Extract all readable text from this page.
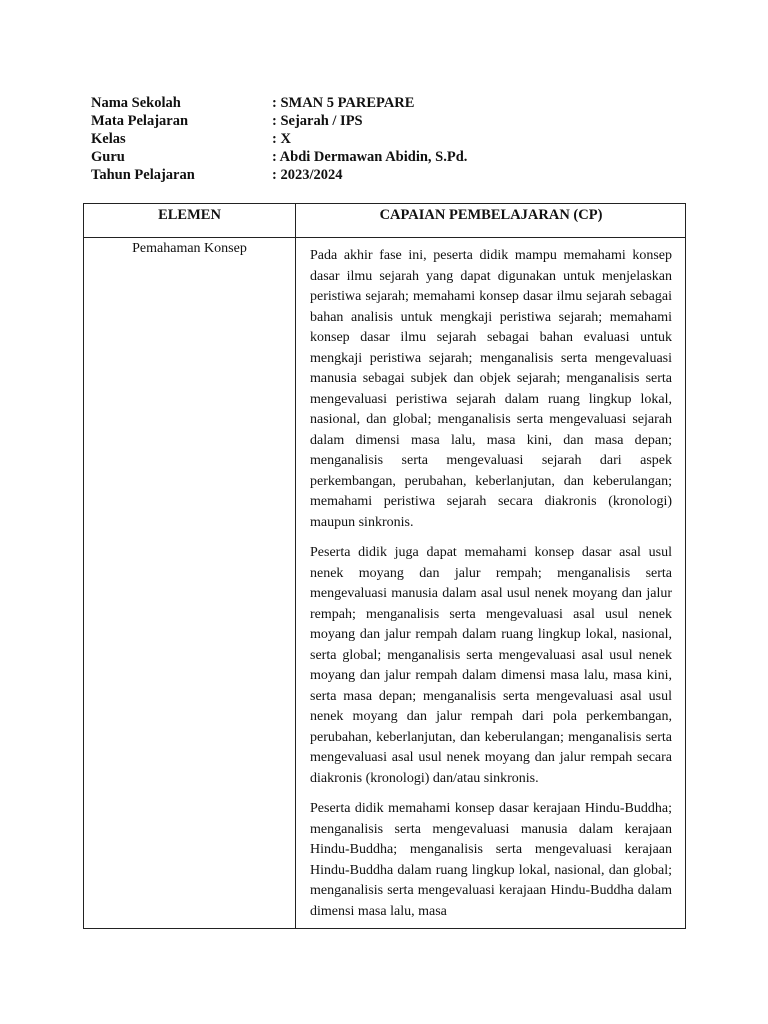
Nama Sekolah	: SMAN 5 PAREPARE
Mata Pelajaran	: Sejarah / IPS
Kelas	: X
Guru	: Abdi Dermawan Abidin, S.Pd.
Tahun Pelajaran	: 2023/2024
ELEMEN	CAPAIAN PEMBELAJARAN (CP)
Pemahaman Konsep	Pada akhir fase ini, peserta didik mampu memahami konsep dasar ilmu sejarah yang dapat digunakan untuk menjelaskan peristiwa sejarah; memahami konsep dasar ilmu sejarah sebagai bahan analisis untuk mengkaji peristiwa sejarah; memahami konsep dasar ilmu sejarah sebagai bahan evaluasi untuk mengkaji peristiwa sejarah; menganalisis serta mengevaluasi manusia sebagai subjek dan objek sejarah; menganalisis serta mengevaluasi peristiwa sejarah dalam ruang lingkup lokal, nasional, dan global; menganalisis serta mengevaluasi sejarah dalam dimensi masa lalu, masa kini, dan masa depan; menganalisis serta mengevaluasi sejarah dari aspek perkembangan, perubahan, keberlanjutan, dan keberulangan; memahami peristiwa sejarah secara diakronis (kronologi) maupun sinkronis.

Peserta didik juga dapat memahami konsep dasar asal usul nenek moyang dan jalur rempah; menganalisis serta mengevaluasi manusia dalam asal usul nenek moyang dan jalur rempah; menganalisis serta mengevaluasi asal usul nenek moyang dan jalur rempah dalam ruang lingkup lokal, nasional, serta global; menganalisis serta mengevaluasi asal usul nenek moyang dan jalur rempah dalam dimensi masa lalu, masa kini, serta masa depan; menganalisis serta mengevaluasi asal usul nenek moyang dan jalur rempah dari pola perkembangan, perubahan, keberlanjutan, dan keberulangan; menganalisis serta mengevaluasi asal usul nenek moyang dan jalur rempah secara diakronis (kronologi) dan/atau sinkronis.

Peserta didik memahami konsep dasar kerajaan Hindu-Buddha; menganalisis serta mengevaluasi manusia dalam kerajaan Hindu-Buddha; menganalisis serta mengevaluasi kerajaan Hindu-Buddha dalam ruang lingkup lokal, nasional, dan global; menganalisis serta mengevaluasi kerajaan Hindu-Buddha dalam dimensi masa lalu, masa
